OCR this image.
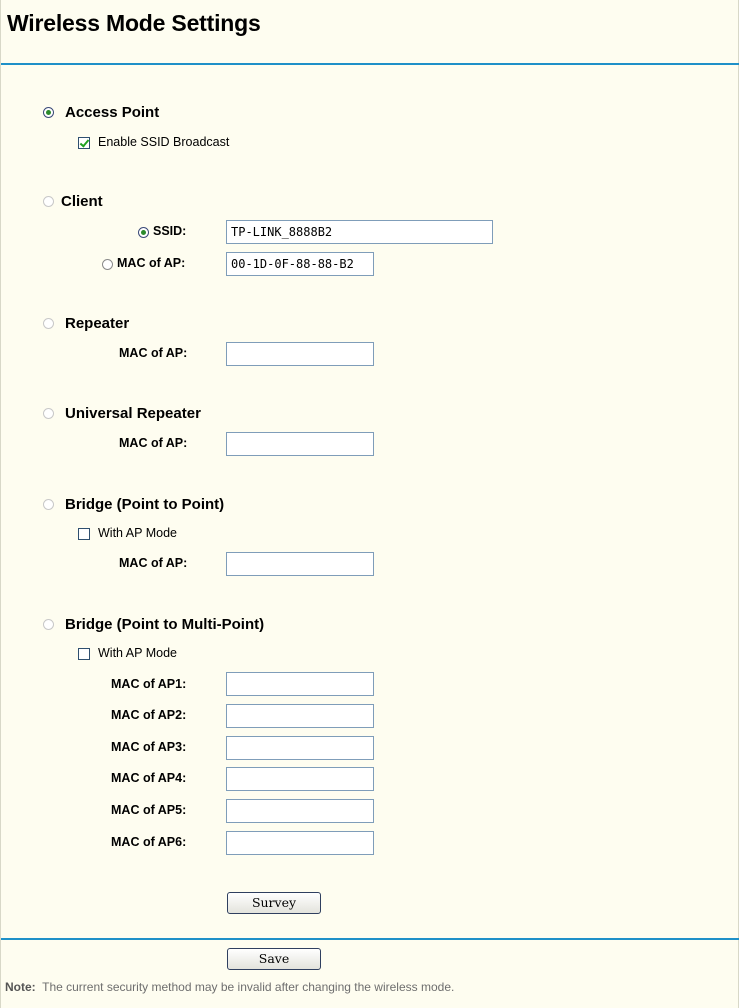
Wireless Mode Settings
Access Point
Enable SSID Broadcast
Client
SSID:	TP-LINK_8888B2
MAC of AP:	00-1D-0F-88-88-B2
Repeater
MAC of AP:
Universal Repeater
MAC of AP:
Bridge (Point to Point)
With AP Mode
MAC of AP:
Bridge (Point to Multi-Point)
With AP Mode
MAC of AP1:
MAC of AP2:
MAC of AP3:
MAC of AP4:
MAC of AP5:
MAC of AP6:
Survey
Save
Note: The current security method may be invalid after changing the wireless mode.
